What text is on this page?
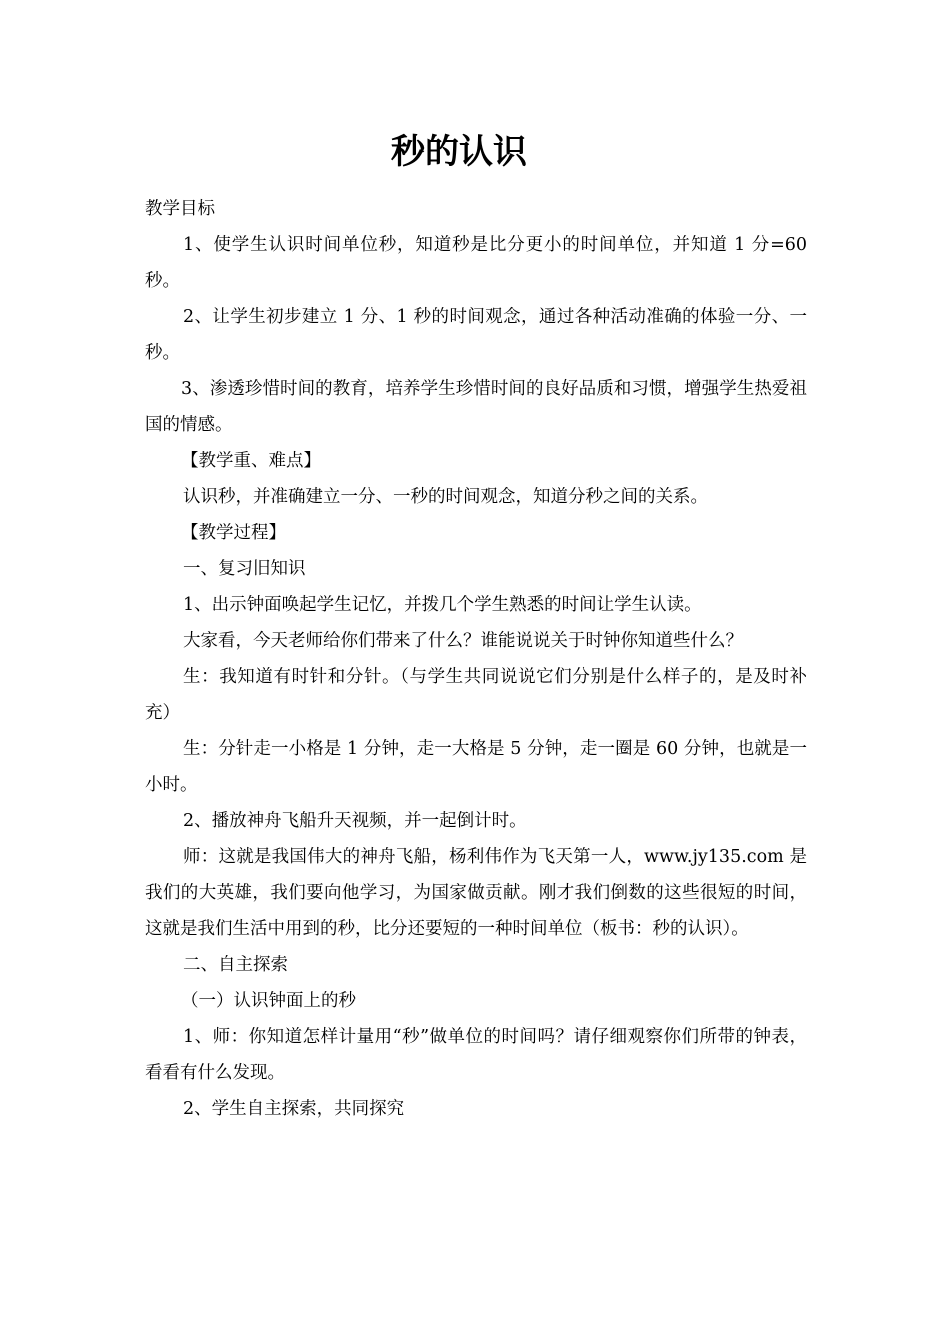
秒的认识

教学目标

1、使学生认识时间单位秒，知道秒是比分更小的时间单位，并知道 1 分=60 秒。

2、让学生初步建立 1 分、1 秒的时间观念，通过各种活动准确的体验一分、一秒。

3、渗透珍惜时间的教育，培养学生珍惜时间的良好品质和习惯，增强学生热爱祖国的情感。

【教学重、难点】

认识秒，并准确建立一分、一秒的时间观念，知道分秒之间的关系。

【教学过程】

一、复习旧知识

1、出示钟面唤起学生记忆，并拨几个学生熟悉的时间让学生认读。

大家看，今天老师给你们带来了什么？谁能说说关于时钟你知道些什么？

生：我知道有时针和分针。（与学生共同说说它们分别是什么样子的，是及时补充）

生：分针走一小格是 1 分钟，走一大格是 5 分钟，走一圈是 60 分钟，也就是一小时。

2、播放神舟飞船升天视频，并一起倒计时。

师：这就是我国伟大的神舟飞船，杨利伟作为飞天第一人，www.jy135.com 是我们的大英雄，我们要向他学习，为国家做贡献。刚才我们倒数的这些很短的时间，这就是我们生活中用到的秒，比分还要短的一种时间单位（板书：秒的认识）。

二、自主探索

（一）认识钟面上的秒

1、师：你知道怎样计量用“秒”做单位的时间吗？请仔细观察你们所带的钟表，看看有什么发现。

2、学生自主探索，共同探究
